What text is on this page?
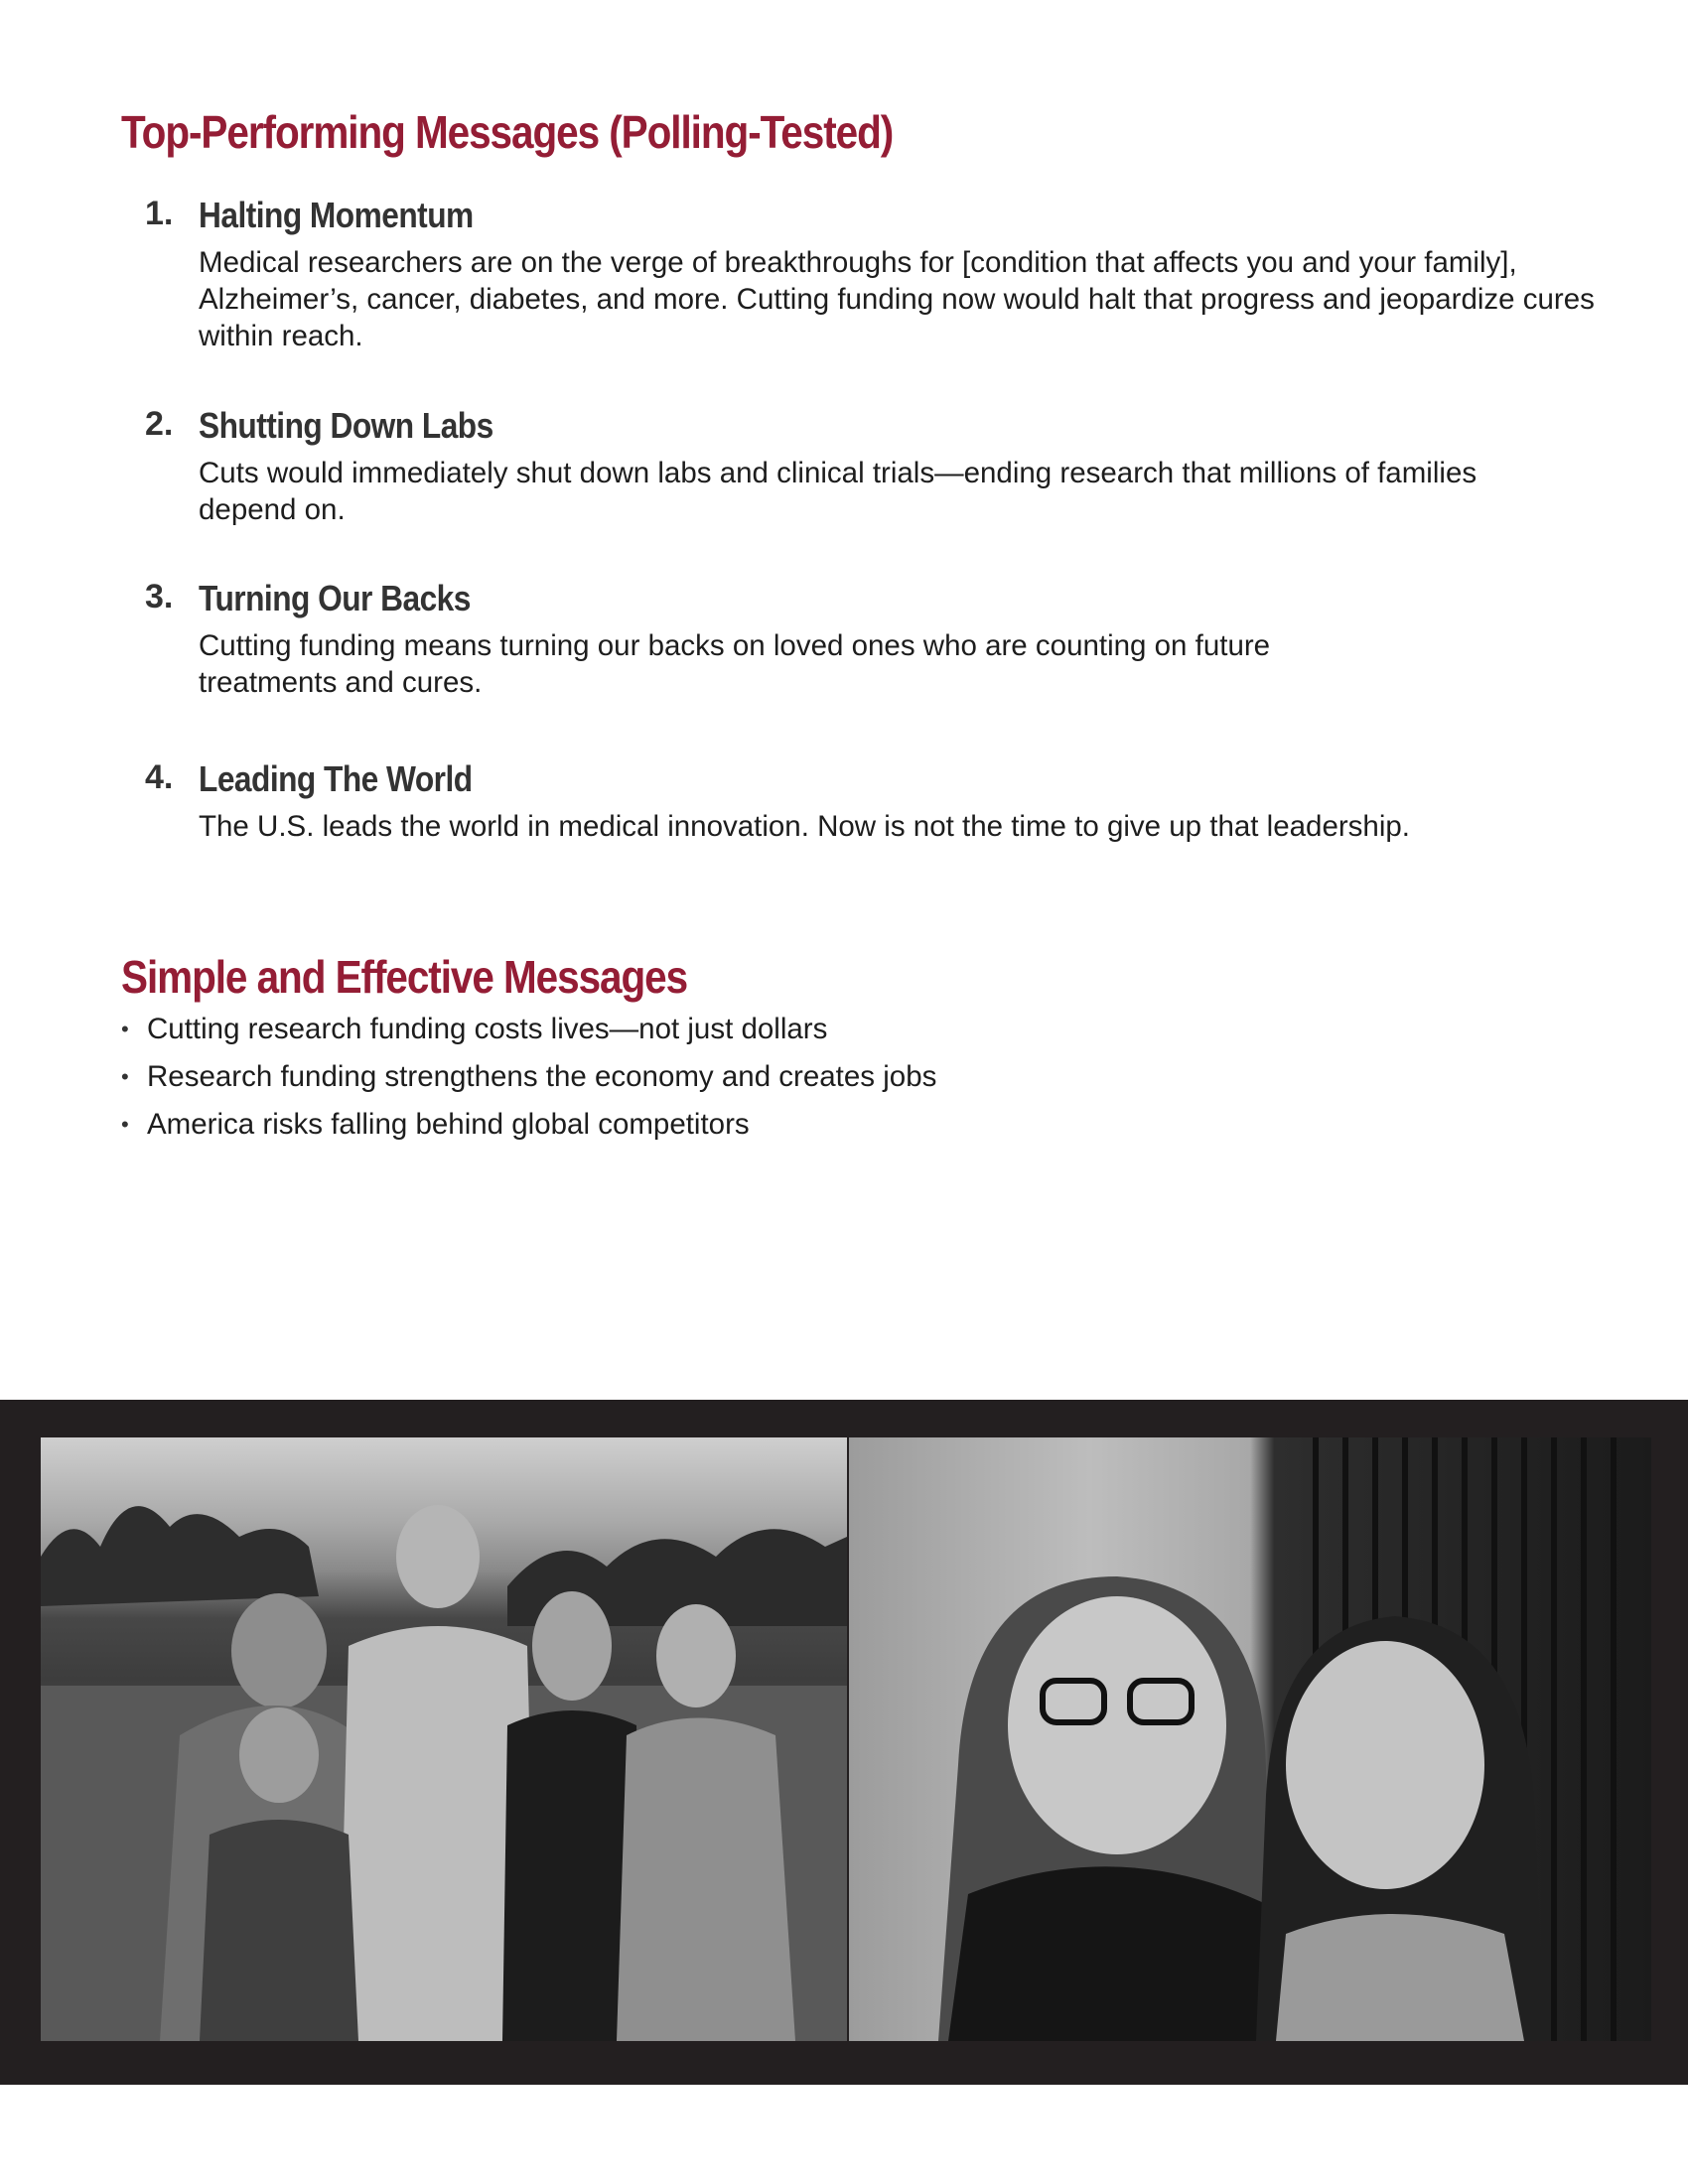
Top-Performing Messages (Polling-Tested)
1. Halting Momentum
Medical researchers are on the verge of breakthroughs for [condition that affects you and your family], Alzheimer’s, cancer, diabetes, and more. Cutting funding now would halt that progress and jeopardize cures within reach.
2. Shutting Down Labs
Cuts would immediately shut down labs and clinical trials—ending research that millions of families depend on.
3. Turning Our Backs
Cutting funding means turning our backs on loved ones who are counting on future treatments and cures.
4. Leading The World
The U.S. leads the world in medical innovation. Now is not the time to give up that leadership.
Simple and Effective Messages
• Cutting research funding costs lives—not just dollars
• Research funding strengthens the economy and creates jobs
• America risks falling behind global competitors
